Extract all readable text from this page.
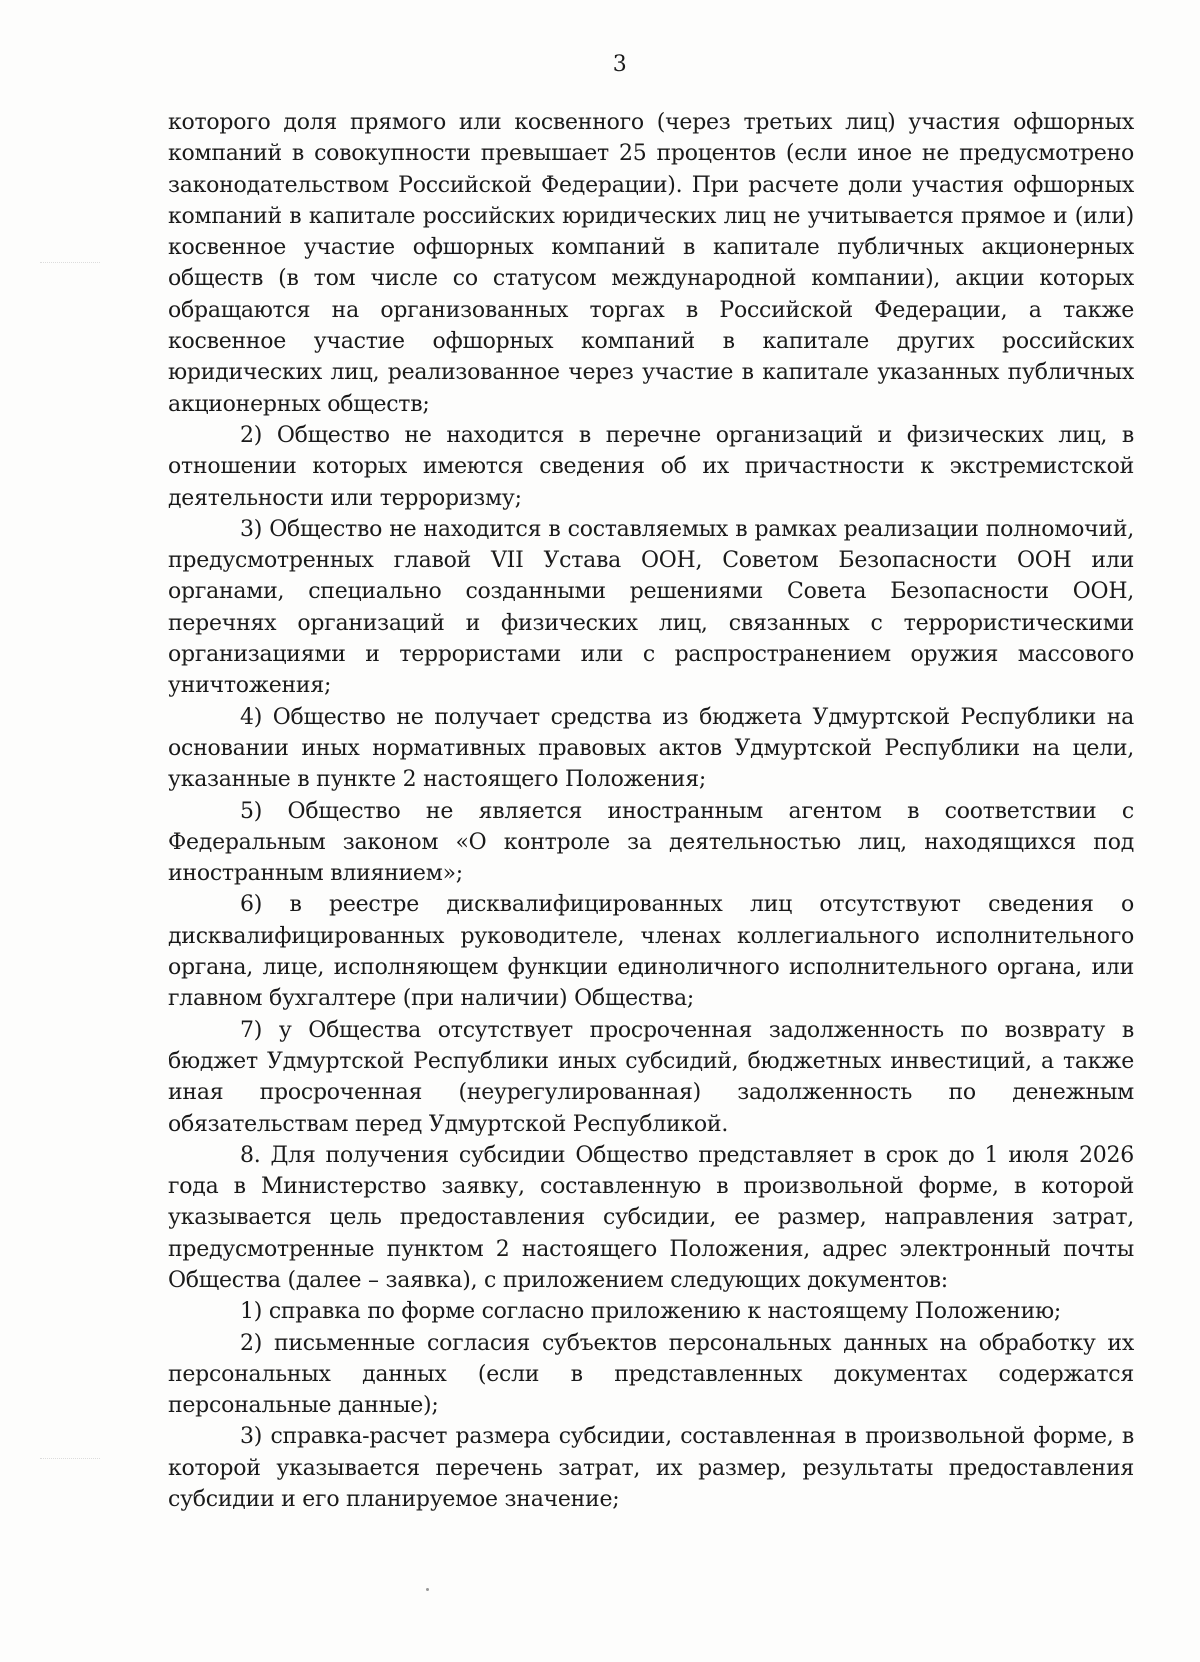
3

которого доля прямого или косвенного (через третьих лиц) участия офшорных компаний в совокупности превышает 25 процентов (если иное не предусмотрено законодательством Российской Федерации). При расчете доли участия офшорных компаний в капитале российских юридических лиц не учитывается прямое и (или) косвенное участие офшорных компаний в капитале публичных акционерных обществ (в том числе со статусом международной компании), акции которых обращаются на организованных торгах в Российской Федерации, а также косвенное участие офшорных компаний в капитале других российских юридических лиц, реализованное через участие в капитале указанных публичных акционерных обществ;

2) Общество не находится в перечне организаций и физических лиц, в отношении которых имеются сведения об их причастности к экстремистской деятельности или терроризму;

3) Общество не находится в составляемых в рамках реализации полномочий, предусмотренных главой VII Устава ООН, Советом Безопасности ООН или органами, специально созданными решениями Совета Безопасности ООН, перечнях организаций и физических лиц, связанных с террористическими организациями и террористами или с распространением оружия массового уничтожения;

4) Общество не получает средства из бюджета Удмуртской Республики на основании иных нормативных правовых актов Удмуртской Республики на цели, указанные в пункте 2 настоящего Положения;

5) Общество не является иностранным агентом в соответствии с Федеральным законом «О контроле за деятельностью лиц, находящихся под иностранным влиянием»;

6) в реестре дисквалифицированных лиц отсутствуют сведения о дисквалифицированных руководителе, членах коллегиального исполнительного органа, лице, исполняющем функции единоличного исполнительного органа, или главном бухгалтере (при наличии) Общества;

7) у Общества отсутствует просроченная задолженность по возврату в бюджет Удмуртской Республики иных субсидий, бюджетных инвестиций, а также иная просроченная (неурегулированная) задолженность по денежным обязательствам перед Удмуртской Республикой.

8. Для получения субсидии Общество представляет в срок до 1 июля 2026 года в Министерство заявку, составленную в произвольной форме, в которой указывается цель предоставления субсидии, ее размер, направления затрат, предусмотренные пунктом 2 настоящего Положения, адрес электронный почты Общества (далее – заявка), с приложением следующих документов:

1) справка по форме согласно приложению к настоящему Положению;

2) письменные согласия субъектов персональных данных на обработку их персональных данных (если в представленных документах содержатся персональные данные);

3) справка-расчет размера субсидии, составленная в произвольной форме, в которой указывается перечень затрат, их размер, результаты предоставления субсидии и его планируемое значение;
